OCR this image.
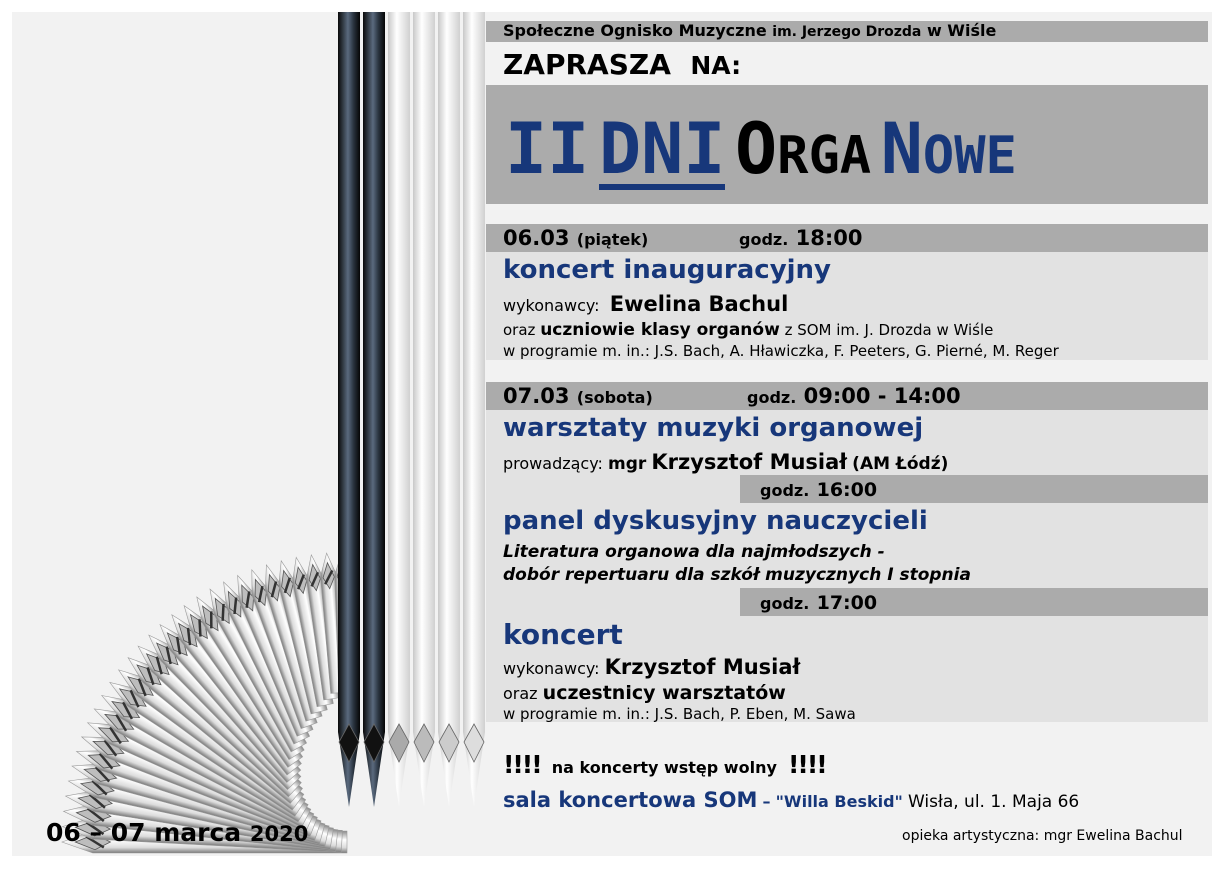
Społeczne Ognisko Muzyczne im. Jerzego Drozda w Wiśle
ZAPRASZA NA:
II DNI ORGA NOWE
06.03 (piątek)	godz. 18:00
koncert inauguracyjny
wykonawcy: Ewelina Bachul
oraz uczniowie klasy organów z SOM im. J. Drozda w Wiśle
w programie m. in.: J.S. Bach, A. Hławiczka, F. Peeters, G. Pierné, M. Reger
07.03 (sobota)	godz. 09:00 - 14:00
warsztaty muzyki organowej
prowadzący: mgr Krzysztof Musiał (AM Łódź)
godz. 16:00
panel dyskusyjny nauczycieli
Literatura organowa dla najmłodszych -
dobór repertuaru dla szkół muzycznych I stopnia
godz. 17:00
koncert
wykonawcy: Krzysztof Musiał
oraz uczestnicy warsztatów
w programie m. in.: J.S. Bach, P. Eben, M. Sawa
!!!! na koncerty wstęp wolny !!!!
sala koncertowa SOM – "Willa Beskid" Wisła, ul. 1. Maja 66
opieka artystyczna: mgr Ewelina Bachul
06 – 07 marca 2020
